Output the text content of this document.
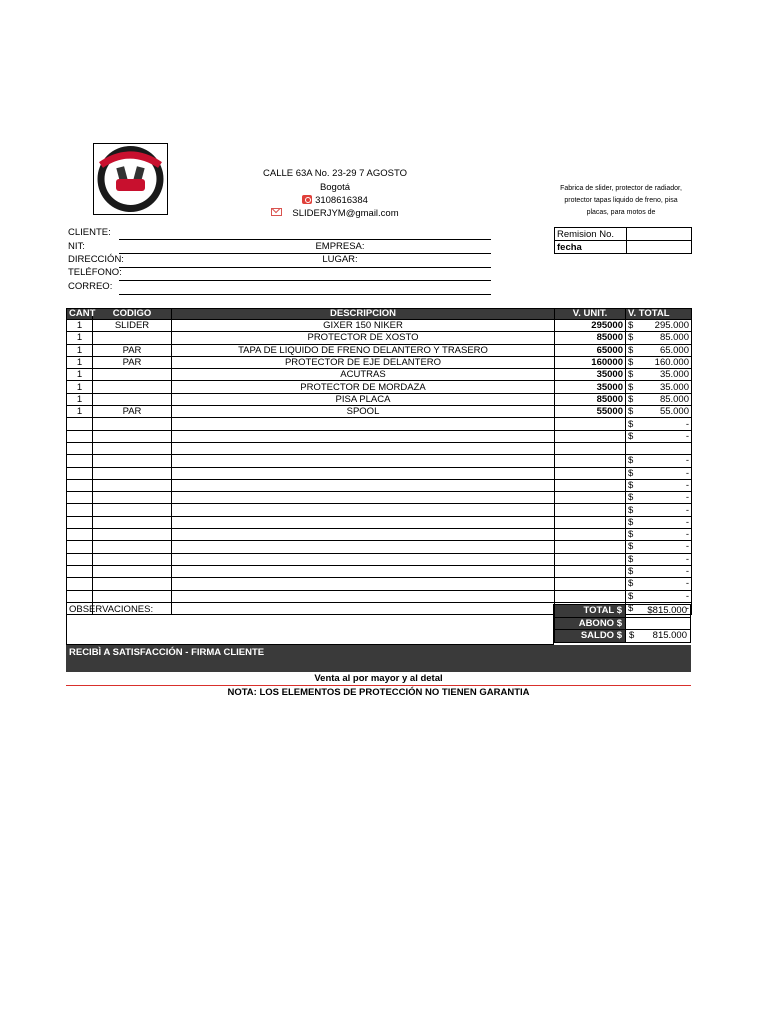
CALLE 63A No. 23-29 7 AGOSTO
Bogotá
3108616384
SLIDERJYM@gmail.com
Fabrica de slider, protector de radiador, protector tapas liquido de freno, pisa placas, para motos de
Remision No.	
fecha	
CLIENTE:
NIT:	EMPRESA:
DIRECCIÓN:	LUGAR:
TELÉFONO:
CORREO:
CANT	CODIGO	DESCRIPCION	V. UNIT.	V. TOTAL
1	SLIDER	GIXER 150 NIKER	295000	$ 295.000

1		PROTECTOR DE XOSTO	85000	$ 85.000

1	PAR	TAPA DE LIQUIDO DE FRENO DELANTERO Y TRASERO	65000	$ 65.000

1	PAR	PROTECTOR DE EJE DELANTERO	160000	$ 160.000

1		ACUTRAS	35000	$ 35.000

1		PROTECTOR DE MORDAZA	35000	$ 35.000

1		PISA PLACA	85000	$ 85.000

1	PAR	SPOOL	55000	$ 55.000

				$ -

				$ -

				$ -

				$ -

				$ -

				$ -

				$ -

				$ -

				$ -

				$ -

				$ -

				$ -

				$ -

				$ -

				$ -
OBSERVACIONES:	TOTAL $	$815.000
ABONO $	
SALDO $	$ 815.000
RECIBÌ A SATISFACCIÓN - FIRMA CLIENTE
Venta al por mayor y al detal
NOTA: LOS ELEMENTOS DE PROTECCIÓN NO TIENEN GARANTIA
